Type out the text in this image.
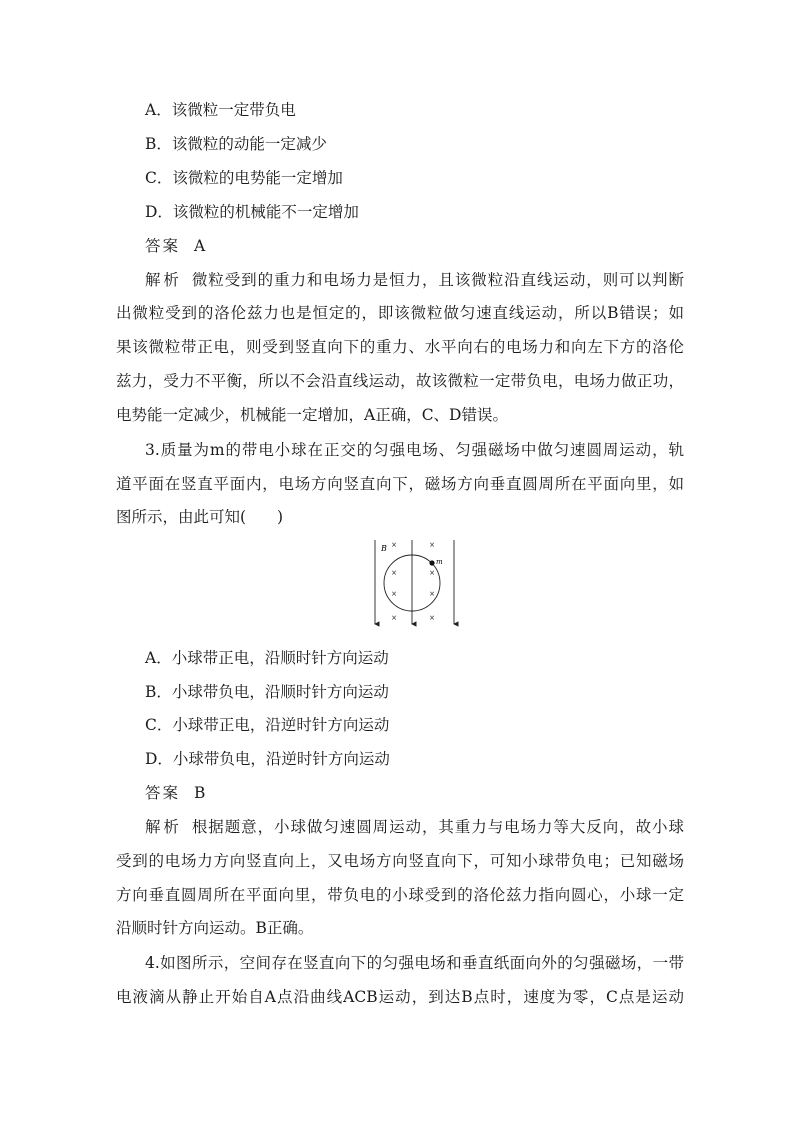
A．该微粒一定带负电
B．该微粒的动能一定减少
C．该微粒的电势能一定增加
D．该微粒的机械能不一定增加
答案 A
解析 微粒受到的重力和电场力是恒力，且该微粒沿直线运动，则可以判断
出微粒受到的洛伦兹力也是恒定的，即该微粒做匀速直线运动，所以B错误；如
果该微粒带正电，则受到竖直向下的重力、水平向右的电场力和向左下方的洛伦
兹力，受力不平衡，所以不会沿直线运动，故该微粒一定带负电，电场力做正功，
电势能一定减少，机械能一定增加，A正确，C、D错误。
3.质量为m的带电小球在正交的匀强电场、匀强磁场中做匀速圆周运动，轨
道平面在竖直平面内，电场方向竖直向下，磁场方向垂直圆周所在平面向里，如
图所示，由此可知(　　)
B
m
×	×
×	×
×	×
×	×
A．小球带正电，沿顺时针方向运动
B．小球带负电，沿顺时针方向运动
C．小球带正电，沿逆时针方向运动
D．小球带负电，沿逆时针方向运动
答案 B
解析 根据题意，小球做匀速圆周运动，其重力与电场力等大反向，故小球
受到的电场力方向竖直向上，又电场方向竖直向下，可知小球带负电；已知磁场
方向垂直圆周所在平面向里，带负电的小球受到的洛伦兹力指向圆心，小球一定
沿顺时针方向运动。B正确。
4.如图所示，空间存在竖直向下的匀强电场和垂直纸面向外的匀强磁场，一带
电液滴从静止开始自A点沿曲线ACB运动，到达B点时，速度为零，C点是运动
